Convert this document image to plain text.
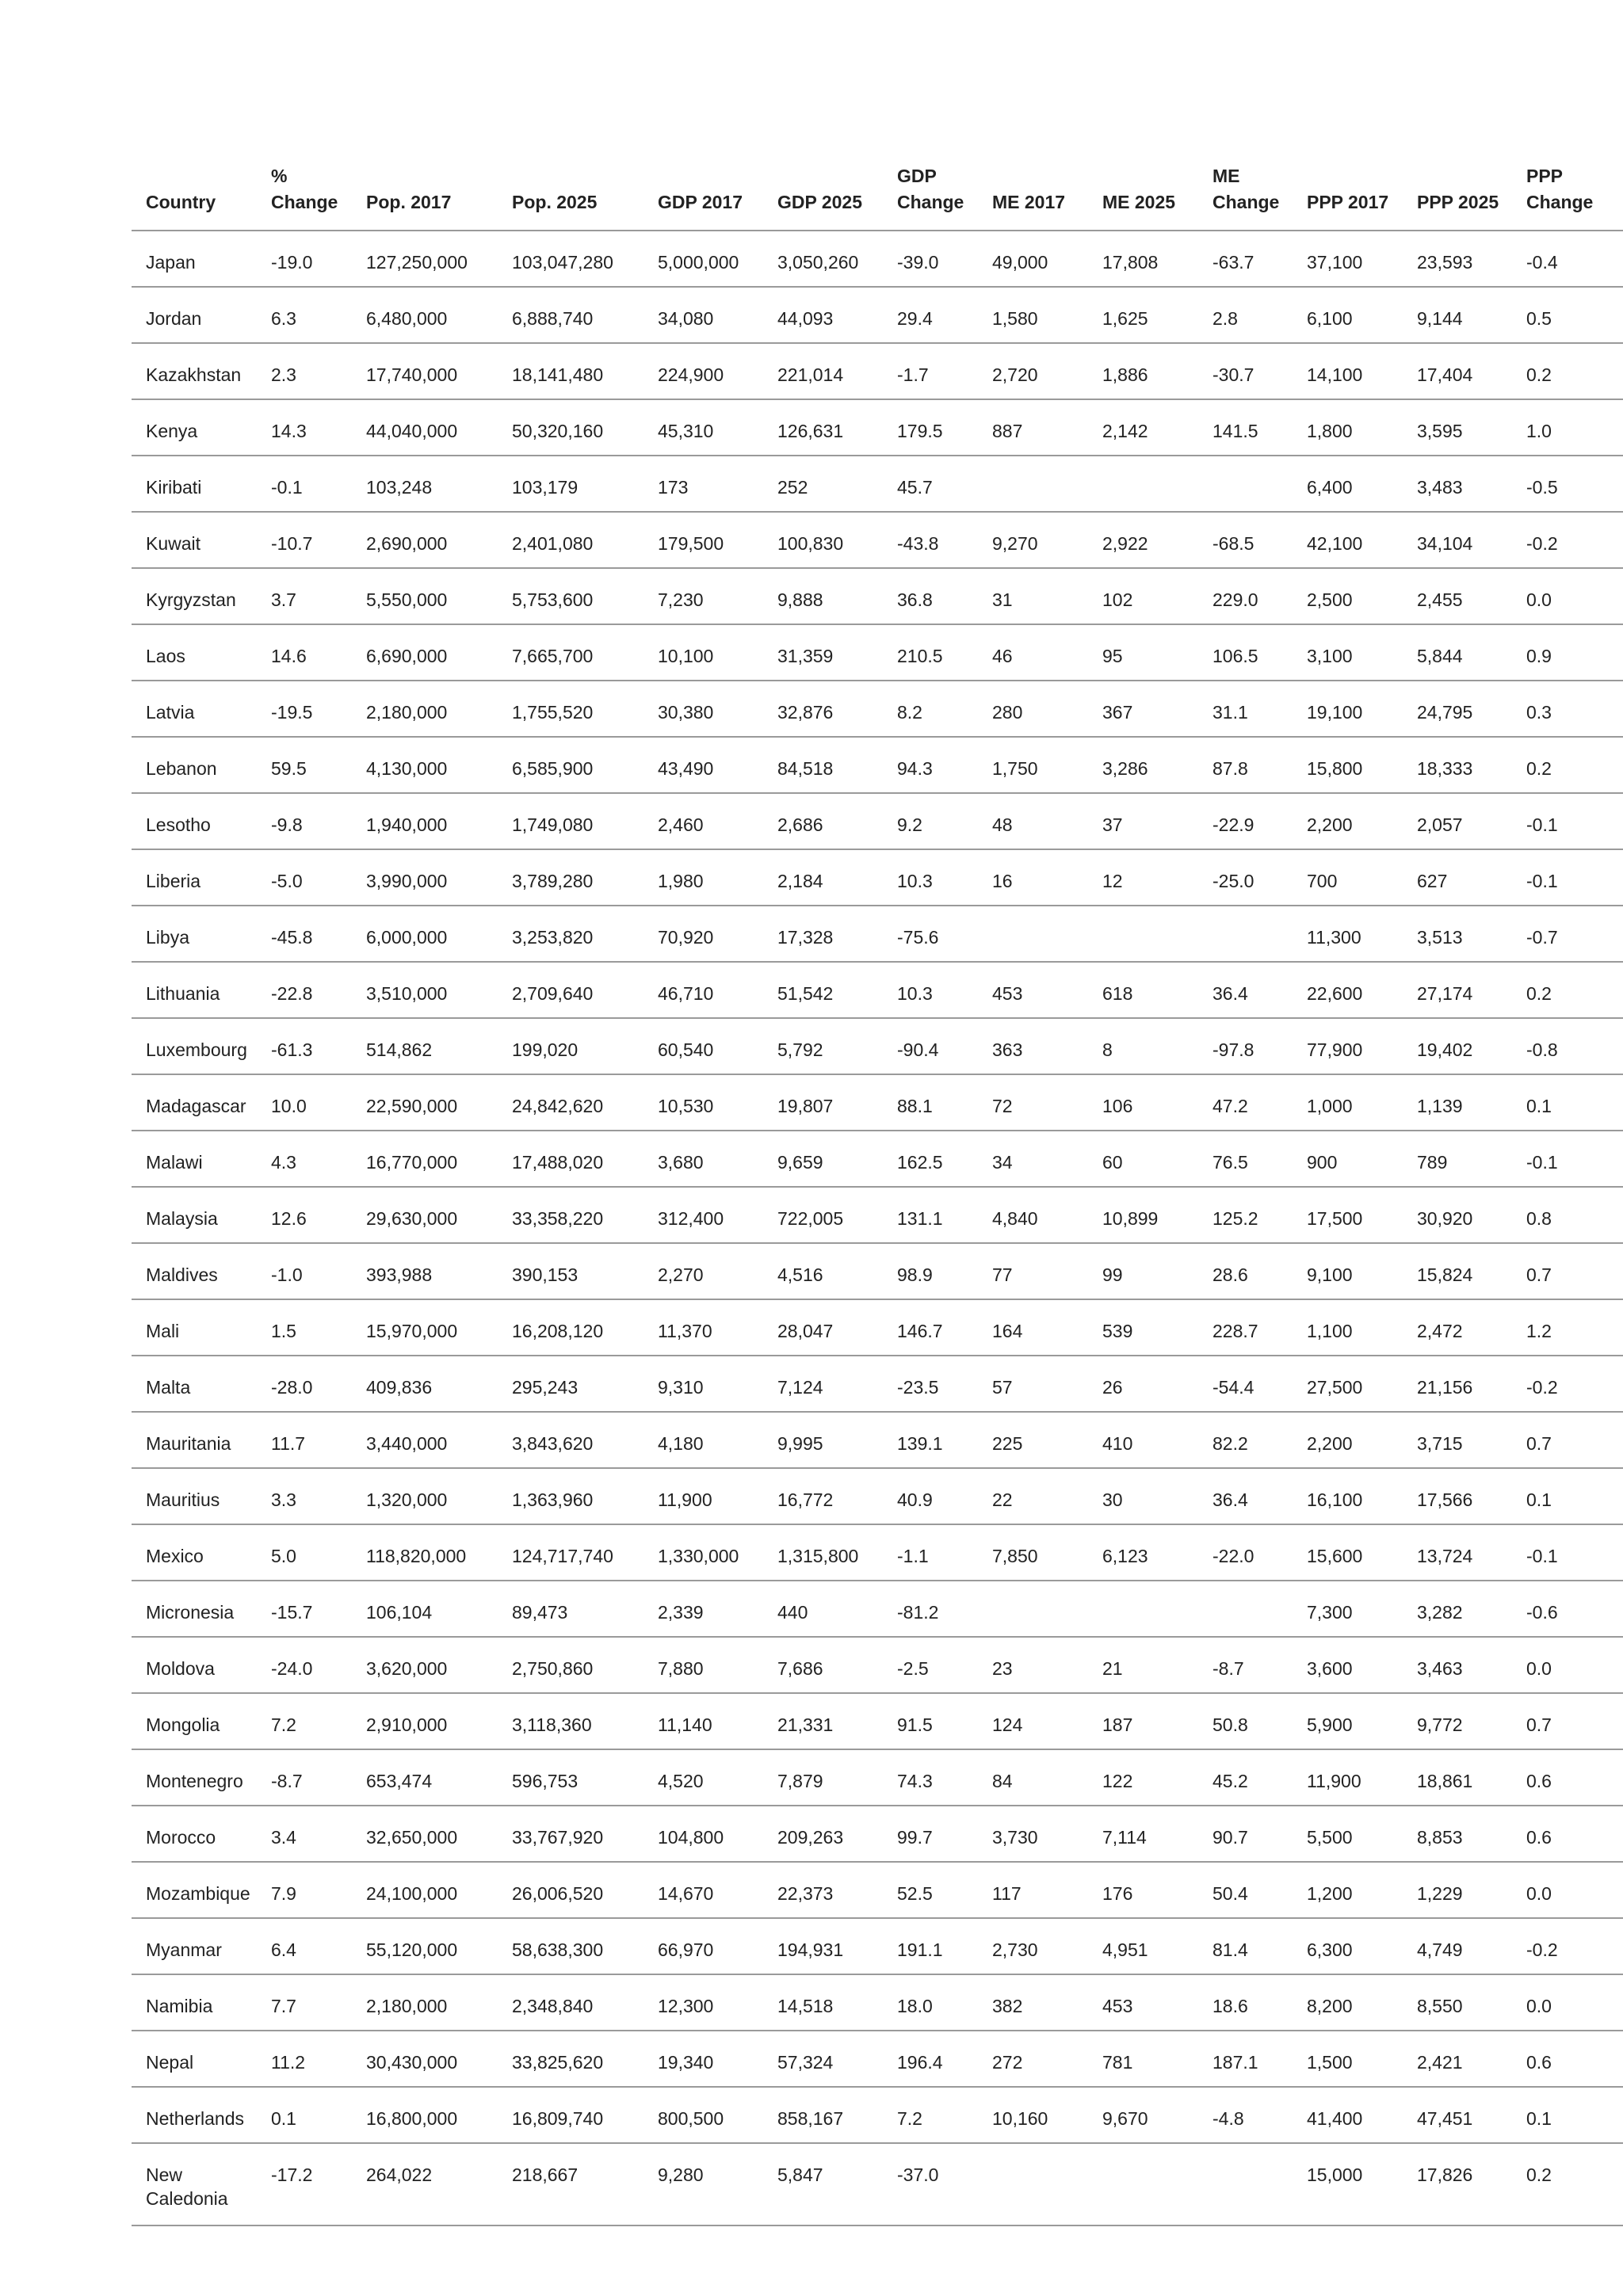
Country	% Change	Pop. 2017	Pop. 2025	GDP 2017	GDP 2025	GDP Change	ME 2017	ME 2025	ME Change	PPP 2017	PPP 2025	PPP Change
Japan	-19.0	127,250,000	103,047,280	5,000,000	3,050,260	-39.0	49,000	17,808	-63.7	37,100	23,593	-0.4
Jordan	6.3	6,480,000	6,888,740	34,080	44,093	29.4	1,580	1,625	2.8	6,100	9,144	0.5
Kazakhstan	2.3	17,740,000	18,141,480	224,900	221,014	-1.7	2,720	1,886	-30.7	14,100	17,404	0.2
Kenya	14.3	44,040,000	50,320,160	45,310	126,631	179.5	887	2,142	141.5	1,800	3,595	1.0
Kiribati	-0.1	103,248	103,179	173	252	45.7				6,400	3,483	-0.5
Kuwait	-10.7	2,690,000	2,401,080	179,500	100,830	-43.8	9,270	2,922	-68.5	42,100	34,104	-0.2
Kyrgyzstan	3.7	5,550,000	5,753,600	7,230	9,888	36.8	31	102	229.0	2,500	2,455	0.0
Laos	14.6	6,690,000	7,665,700	10,100	31,359	210.5	46	95	106.5	3,100	5,844	0.9
Latvia	-19.5	2,180,000	1,755,520	30,380	32,876	8.2	280	367	31.1	19,100	24,795	0.3
Lebanon	59.5	4,130,000	6,585,900	43,490	84,518	94.3	1,750	3,286	87.8	15,800	18,333	0.2
Lesotho	-9.8	1,940,000	1,749,080	2,460	2,686	9.2	48	37	-22.9	2,200	2,057	-0.1
Liberia	-5.0	3,990,000	3,789,280	1,980	2,184	10.3	16	12	-25.0	700	627	-0.1
Libya	-45.8	6,000,000	3,253,820	70,920	17,328	-75.6				11,300	3,513	-0.7
Lithuania	-22.8	3,510,000	2,709,640	46,710	51,542	10.3	453	618	36.4	22,600	27,174	0.2
Luxembourg	-61.3	514,862	199,020	60,540	5,792	-90.4	363	8	-97.8	77,900	19,402	-0.8
Madagascar	10.0	22,590,000	24,842,620	10,530	19,807	88.1	72	106	47.2	1,000	1,139	0.1
Malawi	4.3	16,770,000	17,488,020	3,680	9,659	162.5	34	60	76.5	900	789	-0.1
Malaysia	12.6	29,630,000	33,358,220	312,400	722,005	131.1	4,840	10,899	125.2	17,500	30,920	0.8
Maldives	-1.0	393,988	390,153	2,270	4,516	98.9	77	99	28.6	9,100	15,824	0.7
Mali	1.5	15,970,000	16,208,120	11,370	28,047	146.7	164	539	228.7	1,100	2,472	1.2
Malta	-28.0	409,836	295,243	9,310	7,124	-23.5	57	26	-54.4	27,500	21,156	-0.2
Mauritania	11.7	3,440,000	3,843,620	4,180	9,995	139.1	225	410	82.2	2,200	3,715	0.7
Mauritius	3.3	1,320,000	1,363,960	11,900	16,772	40.9	22	30	36.4	16,100	17,566	0.1
Mexico	5.0	118,820,000	124,717,740	1,330,000	1,315,800	-1.1	7,850	6,123	-22.0	15,600	13,724	-0.1
Micronesia	-15.7	106,104	89,473	2,339	440	-81.2				7,300	3,282	-0.6
Moldova	-24.0	3,620,000	2,750,860	7,880	7,686	-2.5	23	21	-8.7	3,600	3,463	0.0
Mongolia	7.2	2,910,000	3,118,360	11,140	21,331	91.5	124	187	50.8	5,900	9,772	0.7
Montenegro	-8.7	653,474	596,753	4,520	7,879	74.3	84	122	45.2	11,900	18,861	0.6
Morocco	3.4	32,650,000	33,767,920	104,800	209,263	99.7	3,730	7,114	90.7	5,500	8,853	0.6
Mozambique	7.9	24,100,000	26,006,520	14,670	22,373	52.5	117	176	50.4	1,200	1,229	0.0
Myanmar	6.4	55,120,000	58,638,300	66,970	194,931	191.1	2,730	4,951	81.4	6,300	4,749	-0.2
Namibia	7.7	2,180,000	2,348,840	12,300	14,518	18.0	382	453	18.6	8,200	8,550	0.0
Nepal	11.2	30,430,000	33,825,620	19,340	57,324	196.4	272	781	187.1	1,500	2,421	0.6
Netherlands	0.1	16,800,000	16,809,740	800,500	858,167	7.2	10,160	9,670	-4.8	41,400	47,451	0.1
New Caledonia	-17.2	264,022	218,667	9,280	5,847	-37.0				15,000	17,826	0.2
